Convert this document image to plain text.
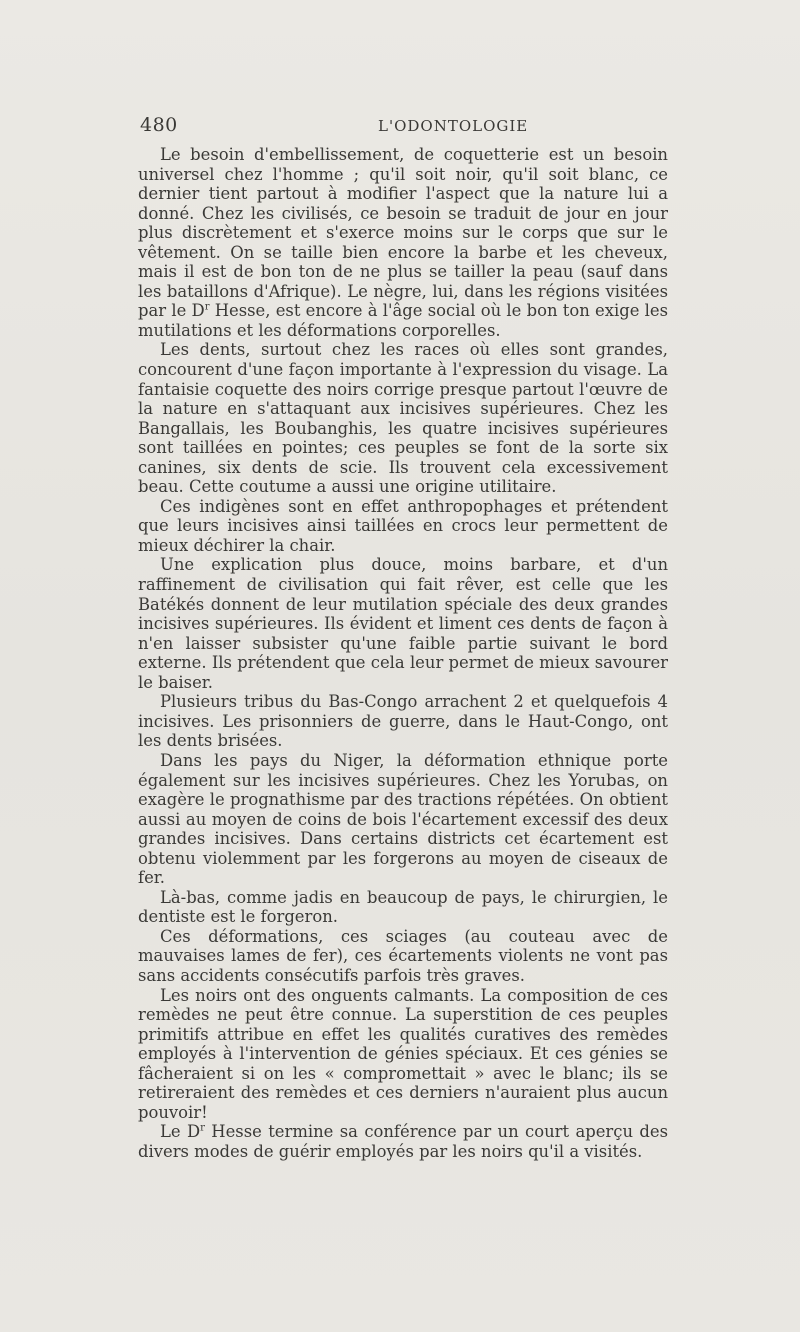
480	L'ODONTOLOGIE

Le besoin d'embellissement, de coquetterie est un besoin universel chez l'homme ; qu'il soit noir, qu'il soit blanc, ce dernier tient partout à modifier l'aspect que la nature lui a donné. Chez les civilisés, ce besoin se traduit de jour en jour plus discrètement et s'exerce moins sur le corps que sur le vêtement. On se taille bien encore la barbe et les cheveux, mais il est de bon ton de ne plus se tailler la peau (sauf dans les bataillons d'Afrique). Le nègre, lui, dans les régions visitées par le $D^r$ Hesse, est encore à l'âge social où le bon ton exige les mutilations et les déformations corporelles.

Les dents, surtout chez les races où elles sont grandes, concourent d'une façon importante à l'expression du visage. La fantaisie coquette des noirs corrige presque partout l'œuvre de la nature en s'attaquant aux incisives supérieures. Chez les Bangallais, les Boubanghis, les quatre incisives supérieures sont taillées en pointes; ces peuples se font de la sorte six canines, six dents de scie. Ils trouvent cela excessivement beau. Cette coutume a aussi une origine utilitaire.

Ces indigènes sont en effet anthropophages et prétendent que leurs incisives ainsi taillées en crocs leur permettent de mieux déchirer la chair.

Une explication plus douce, moins barbare, et d'un raffinement de civilisation qui fait rêver, est celle que les Batékés donnent de leur mutilation spéciale des deux grandes incisives supérieures. Ils évident et liment ces dents de façon à n'en laisser subsister qu'une faible partie suivant le bord externe. Ils prétendent que cela leur permet de mieux savourer le baiser.

Plusieurs tribus du Bas-Congo arrachent 2 et quelquefois 4 incisives. Les prisonniers de guerre, dans le Haut-Congo, ont les dents brisées.

Dans les pays du Niger, la déformation ethnique porte également sur les incisives supérieures. Chez les Yorubas, on exagère le prognathisme par des tractions répétées. On obtient aussi au moyen de coins de bois l'écartement excessif des deux grandes incisives. Dans certains districts cet écartement est obtenu violemment par les forgerons au moyen de ciseaux de fer.

Là-bas, comme jadis en beaucoup de pays, le chirurgien, le dentiste est le forgeron.

Ces déformations, ces sciages (au couteau avec de mauvaises lames de fer), ces écartements violents ne vont pas sans accidents consécutifs parfois très graves.

Les noirs ont des onguents calmants. La composition de ces remèdes ne peut être connue. La superstition de ces peuples primitifs attribue en effet les qualités curatives des remèdes employés à l'intervention de génies spéciaux. Et ces génies se fâcheraient si on les « compromettait » avec le blanc; ils se retireraient des remèdes et ces derniers n'auraient plus aucun pouvoir!

Le $D^r$ Hesse termine sa conférence par un court aperçu des divers modes de guérir employés par les noirs qu'il a visités.
